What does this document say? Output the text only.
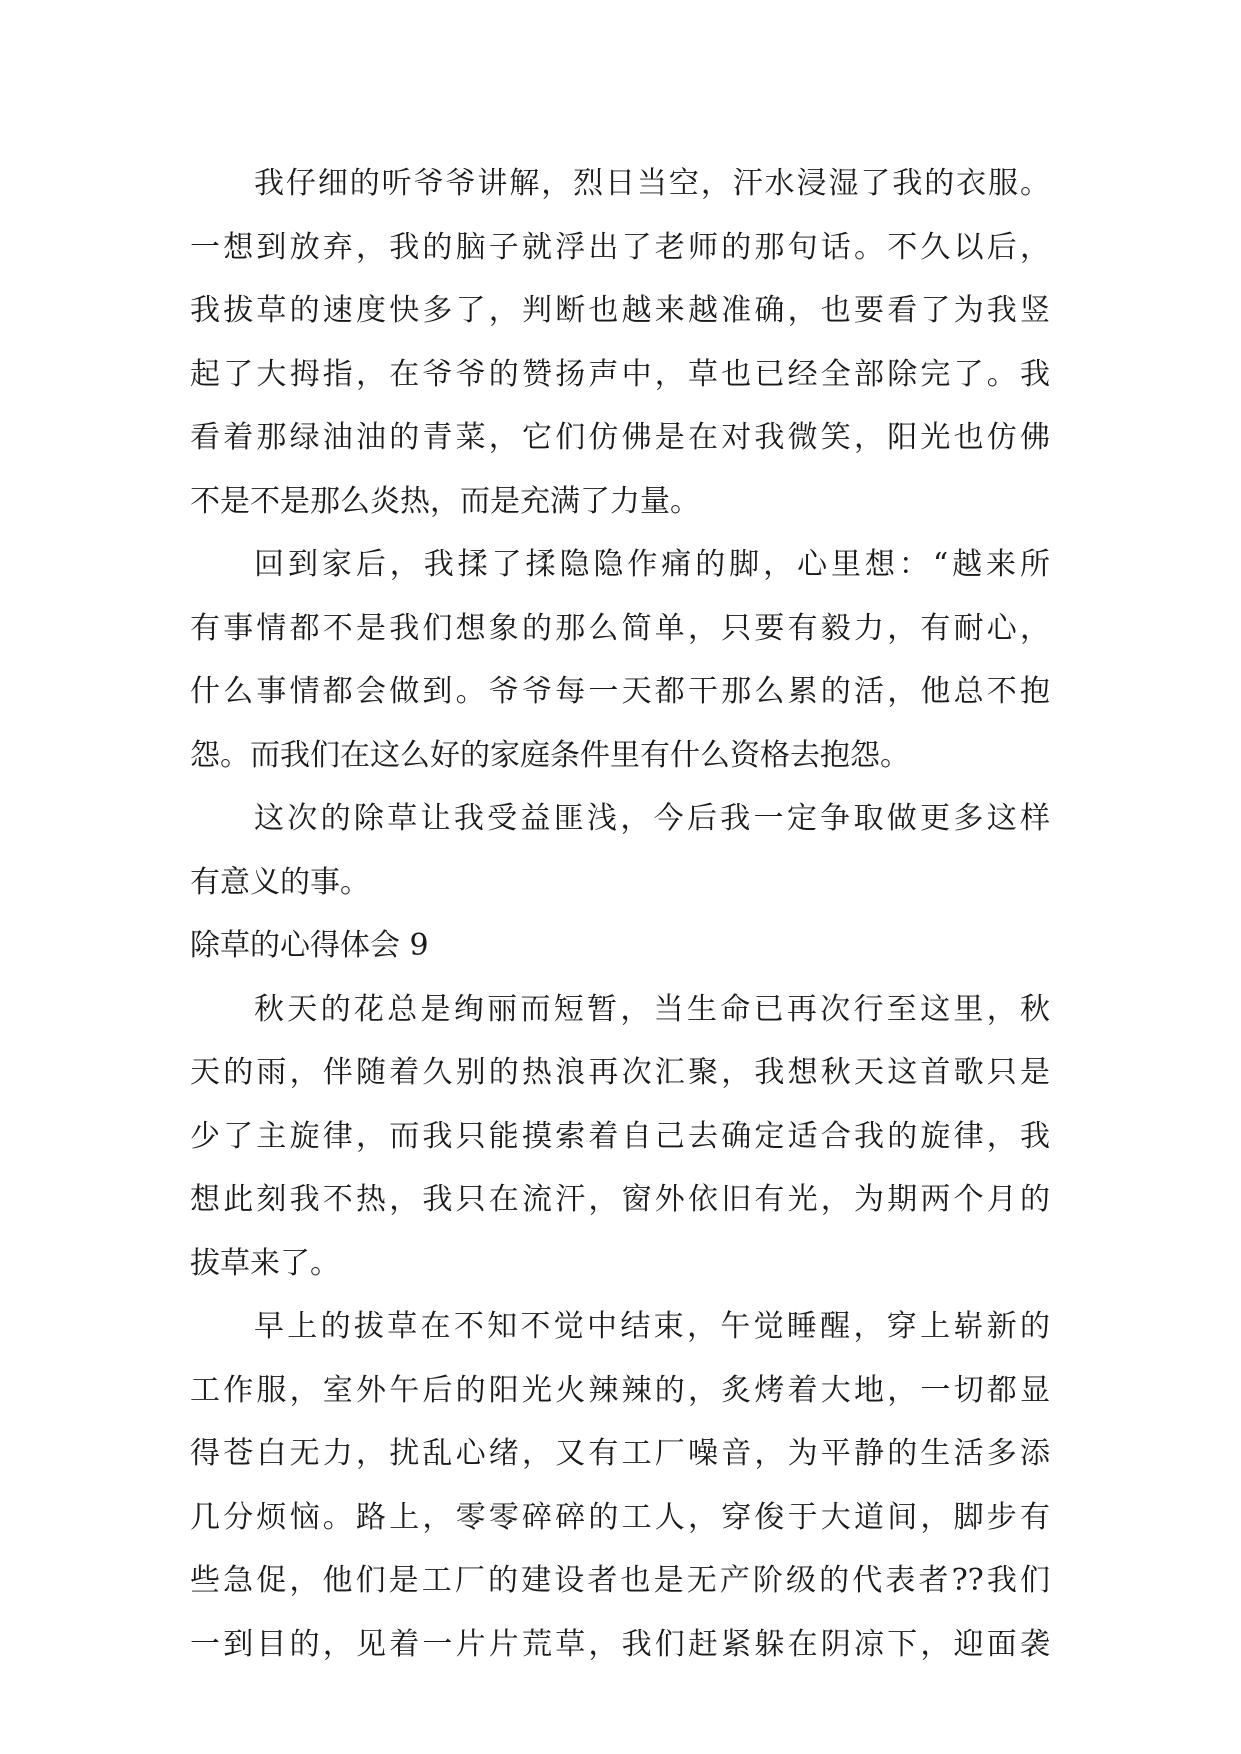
我仔细的听爷爷讲解，烈日当空，汗水浸湿了我的衣服。
一想到放弃，我的脑子就浮出了老师的那句话。不久以后，
我拔草的速度快多了，判断也越来越准确，也要看了为我竖
起了大拇指，在爷爷的赞扬声中，草也已经全部除完了。我
看着那绿油油的青菜，它们仿佛是在对我微笑，阳光也仿佛
不是不是那么炎热，而是充满了力量。
回到家后，我揉了揉隐隐作痛的脚，心里想：“越来所
有事情都不是我们想象的那么简单，只要有毅力，有耐心，
什么事情都会做到。爷爷每一天都干那么累的活，他总不抱
怨。而我们在这么好的家庭条件里有什么资格去抱怨。
这次的除草让我受益匪浅，今后我一定争取做更多这样
有意义的事。
除草的心得体会 9
秋天的花总是绚丽而短暂，当生命已再次行至这里，秋
天的雨，伴随着久别的热浪再次汇聚，我想秋天这首歌只是
少了主旋律，而我只能摸索着自己去确定适合我的旋律，我
想此刻我不热，我只在流汗，窗外依旧有光，为期两个月的
拔草来了。
早上的拔草在不知不觉中结束，午觉睡醒，穿上崭新的
工作服，室外午后的阳光火辣辣的，炙烤着大地，一切都显
得苍白无力，扰乱心绪，又有工厂噪音，为平静的生活多添
几分烦恼。路上，零零碎碎的工人，穿俊于大道间，脚步有
些急促，他们是工厂的建设者也是无产阶级的代表者??我们
一到目的，见着一片片荒草，我们赶紧躲在阴凉下，迎面袭
